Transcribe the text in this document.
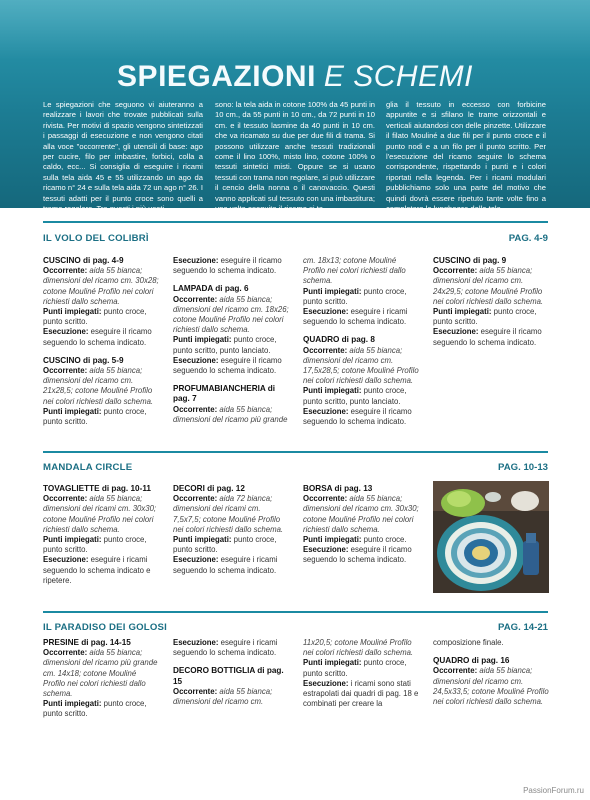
SPIEGAZIONI E SCHEMI
Le spiegazioni che seguono vi aiuteranno a realizzare i lavori che trovate pubblicati sulla rivista. Per motivi di spazio vengono sintetizzati i passaggi di esecuzione e non vengono citati alla voce "occorrente", gli utensili di base: ago per cucire, filo per imbastire, forbici, colla a caldo, ecc... Si consiglia di eseguire i ricami sulla tela aida 45 e 55 utilizzando un ago da ricamo n° 24 e sulla tela aida 72 un ago n° 26. I tessuti adatti per il punto croce sono quelli a trama regolare. Tra questi i più usati
sono: la tela aida in cotone 100% da 45 punti in 10 cm., da 55 punti in 10 cm., da 72 punti in 10 cm. e il tessuto lasmine da 40 punti in 10 cm. che va ricamato su due per due fili di trama. Si possono utilizzare anche tessuti tradizionali come il lino 100%, misto lino, cotone 100% o tessuti sintetici misti. Oppure se si usano tessuti con trama non regolare, si può utilizzare il cencio della nonna o il canovaccio. Questi vanno applicati sul tessuto con una imbastitura; una volta eseguito il ricamo si ta-
glia il tessuto in eccesso con forbicine appuntite e si sfilano le trame orizzontali e verticali aiutandosi con delle pinzette. Utilizzare il filato Mouliné a due fili per il punto croce e il punto nodi e a un filo per il punto scritto. Per l'esecuzione del ricamo seguire lo schema corrispondente, rispettando i punti e i colori riportati nella legenda. Per i ricami modulari pubblichiamo solo una parte del motivo che quindi dovrà essere ripetuto tante volte fino a completare la lunghezza della tela.
IL VOLO DEL COLIBRÌ	PAG. 4-9
CUSCINO di pag. 4-9
Occorrente: aida 55 bianca; dimensioni del ricamo cm. 30x28; cotone Mouliné Profilo nei colori richiesti dallo schema.
Punti impiegati: punto croce, punto scritto.
Esecuzione: eseguire il ricamo seguendo lo schema indicato.
CUSCINO di pag. 5-9
Occorrente: aida 55 bianca; dimensioni del ricamo cm. 21x28,5; cotone Mouliné Profilo nei colori richiesti dallo schema.
Punti impiegati: punto croce, punto scritto.
Esecuzione: eseguire il ricamo seguendo lo schema indicato.
LAMPADA di pag. 6
Occorrente: aida 55 bianca; dimensioni del ricamo cm. 18x26; cotone Mouliné Profilo nei colori richiesti dallo schema.
Punti impiegati: punto croce, punto scritto, punto lanciato.
Esecuzione: eseguire il ricamo seguendo lo schema indicato.
PROFUMABIANCHERIA di pag. 7
Occorrente: aida 55 bianca; dimensioni del ricamo più grande
cm. 18x13; cotone Mouliné Profilo nei colori richiesti dallo schema.
Punti impiegati: punto croce, punto scritto.
Esecuzione: eseguire i ricami seguendo lo schema indicato.
QUADRO di pag. 8
Occorrente: aida 55 bianca; dimensioni del ricamo cm. 17,5x28,5; cotone Mouliné Profilo nei colori richiesti dallo schema.
Punti impiegati: punto croce, punto scritto, punto lanciato.
Esecuzione: eseguire il ricamo seguendo lo schema indicato.
CUSCINO di pag. 9
Occorrente: aida 55 bianca; dimensioni del ricamo cm. 24x29,5; cotone Mouliné Profilo nei colori richiesti dallo schema.
Punti impiegati: punto croce, punto scritto.
Esecuzione: eseguire il ricamo seguendo lo schema indicato.
MANDALA CIRCLE	PAG. 10-13
TOVAGLIETTE di pag. 10-11
Occorrente: aida 55 bianca; dimensioni dei ricami cm. 30x30; cotone Mouliné Profilo nei colori richiesti dallo schema.
Punti impiegati: punto croce, punto scritto.
Esecuzione: eseguire i ricami seguendo lo schema indicato e ripetere.
DECORI di pag. 12
Occorrente: aida 72 bianca; dimensioni dei ricami cm. 7,5x7,5; cotone Mouliné Profilo nei colori richiesti dallo schema.
Punti impiegati: punto croce, punto scritto.
Esecuzione: eseguire i ricami seguendo lo schema indicato.
BORSA di pag. 13
Occorrente: aida 55 bianca; dimensioni del ricamo cm. 30x30; cotone Mouliné Profilo nei colori richiesti dallo schema.
Punti impiegati: punto croce.
Esecuzione: eseguire il ricamo seguendo lo schema indicato.
IL PARADISO DEI GOLOSI	PAG. 14-21
PRESINE di pag. 14-15
Occorrente: aida 55 bianca; dimensioni del ricamo più grande cm. 14x18; cotone Mouliné Profilo nei colori richiesti dallo schema.
Punti impiegati: punto croce, punto scritto.
Esecuzione: eseguire i ricami seguendo lo schema indicato.
DECORO BOTTIGLIA di pag. 15
Occorrente: aida 55 bianca; dimensioni del ricamo cm.
11x20,5; cotone Mouliné Profilo nei colori richiesti dallo schema.
Punti impiegati: punto croce, punto scritto.
Esecuzione: i ricami sono stati estrapolati dai quadri di pag. 18 e combinati per creare la
composizione finale.
QUADRO di pag. 16
Occorrente: aida 55 bianca; dimensioni del ricamo cm. 24,5x33,5; cotone Mouliné Profilo nei colori richiesti dallo schema.
PassionForum.ru
